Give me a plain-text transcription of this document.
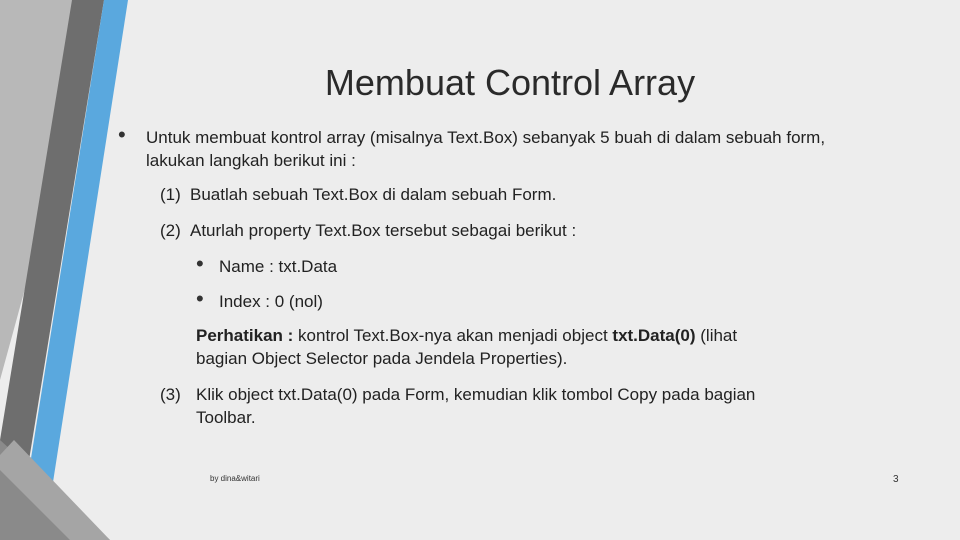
Membuat Control Array
• Untuk membuat kontrol array (misalnya Text.Box) sebanyak 5 buah di dalam sebuah form,
lakukan langkah berikut ini :
(1) Buatlah sebuah Text.Box di dalam sebuah Form.
(2) Aturlah property Text.Box tersebut sebagai berikut :
• Name : txt.Data
• Index : 0 (nol)
Perhatikan : kontrol Text.Box-nya akan menjadi object txt.Data(0) (lihat
bagian Object Selector pada Jendela Properties).
(3) Klik object txt.Data(0) pada Form, kemudian klik tombol Copy pada bagian
Toolbar.
by dina&witari	3
